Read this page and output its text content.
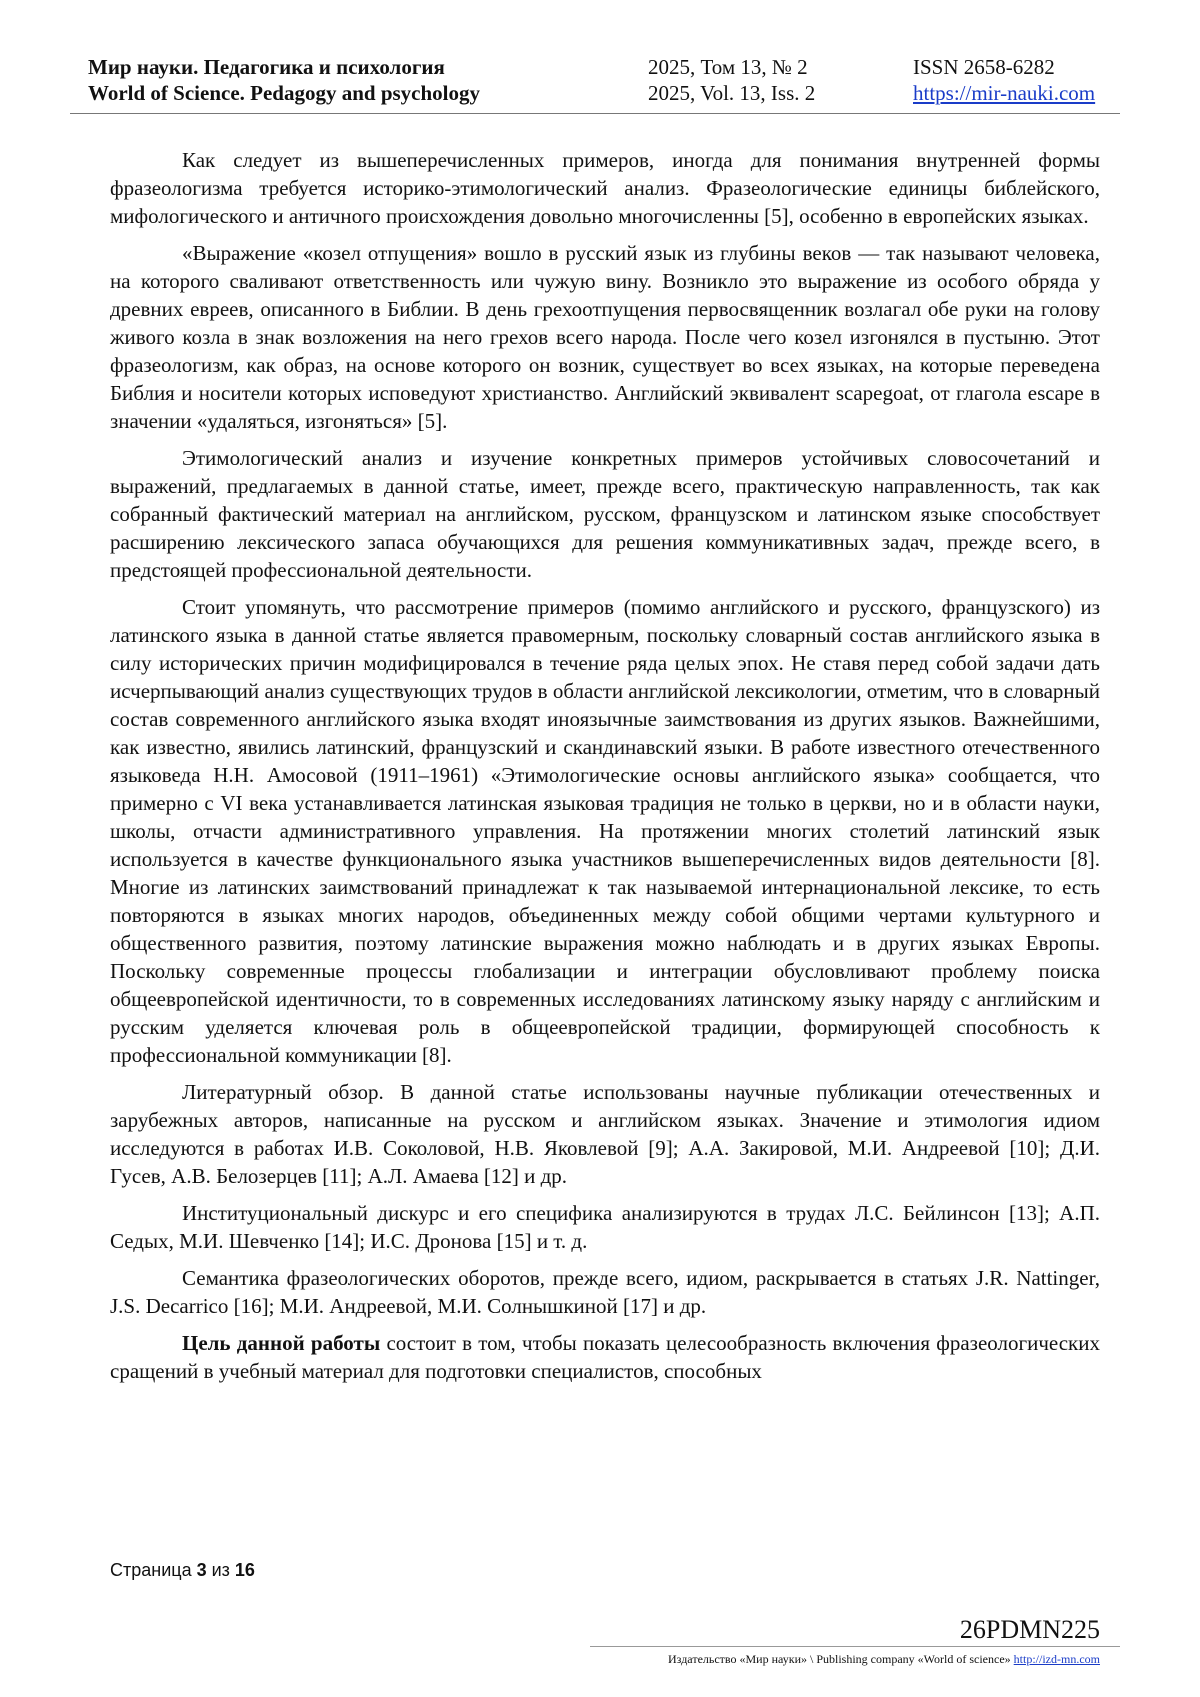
Мир науки. Педагогика и психология
World of Science. Pedagogy and psychology
2025, Том 13, № 2
2025, Vol. 13, Iss. 2
ISSN 2658-6282
https://mir-nauki.com

Как следует из вышеперечисленных примеров, иногда для понимания внутренней формы фразеологизма требуется историко-этимологический анализ. Фразеологические единицы библейского, мифологического и античного происхождения довольно многочисленны [5], особенно в европейских языках.

«Выражение «козел отпущения» вошло в русский язык из глубины веков — так называют человека, на которого сваливают ответственность или чужую вину. Возникло это выражение из особого обряда у древних евреев, описанного в Библии. В день грехоотпущения первосвященник возлагал обе руки на голову живого козла в знак возложения на него грехов всего народа. После чего козел изгонялся в пустыню. Этот фразеологизм, как образ, на основе которого он возник, существует во всех языках, на которые переведена Библия и носители которых исповедуют христианство. Английский эквивалент scapegoat, от глагола escape в значении «удаляться, изгоняться» [5].

Этимологический анализ и изучение конкретных примеров устойчивых словосочетаний и выражений, предлагаемых в данной статье, имеет, прежде всего, практическую направленность, так как собранный фактический материал на английском, русском, французском и латинском языке способствует расширению лексического запаса обучающихся для решения коммуникативных задач, прежде всего, в предстоящей профессиональной деятельности.

Стоит упомянуть, что рассмотрение примеров (помимо английского и русского, французского) из латинского языка в данной статье является правомерным, поскольку словарный состав английского языка в силу исторических причин модифицировался в течение ряда целых эпох. Не ставя перед собой задачи дать исчерпывающий анализ существующих трудов в области английской лексикологии, отметим, что в словарный состав современного английского языка входят иноязычные заимствования из других языков. Важнейшими, как известно, явились латинский, французский и скандинавский языки. В работе известного отечественного языковеда Н.Н. Амосовой (1911–1961) «Этимологические основы английского языка» сообщается, что примерно с VI века устанавливается латинская языковая традиция не только в церкви, но и в области науки, школы, отчасти административного управления. На протяжении многих столетий латинский язык используется в качестве функционального языка участников вышеперечисленных видов деятельности [8]. Многие из латинских заимствований принадлежат к так называемой интернациональной лексике, то есть повторяются в языках многих народов, объединенных между собой общими чертами культурного и общественного развития, поэтому латинские выражения можно наблюдать и в других языках Европы. Поскольку современные процессы глобализации и интеграции обусловливают проблему поиска общеевропейской идентичности, то в современных исследованиях латинскому языку наряду с английским и русским уделяется ключевая роль в общеевропейской традиции, формирующей способность к профессиональной коммуникации [8].

Литературный обзор. В данной статье использованы научные публикации отечественных и зарубежных авторов, написанные на русском и английском языках. Значение и этимология идиом исследуются в работах И.В. Соколовой, Н.В. Яковлевой [9]; А.А. Закировой, М.И. Андреевой [10]; Д.И. Гусев, А.В. Белозерцев [11]; А.Л. Амаева [12] и др.

Институциональный дискурс и его специфика анализируются в трудах Л.С. Бейлинсон [13]; А.П. Седых, М.И. Шевченко [14]; И.С. Дронова [15] и т. д.

Семантика фразеологических оборотов, прежде всего, идиом, раскрывается в статьях J.R. Nattinger, J.S. Decarrico [16]; М.И. Андреевой, М.И. Солнышкиной [17] и др.

Цель данной работы состоит в том, чтобы показать целесообразность включения фразеологических сращений в учебный материал для подготовки специалистов, способных

Страница 3 из 16
26PDMN225
Издательство «Мир науки» \ Publishing company «World of science» http://izd-mn.com
